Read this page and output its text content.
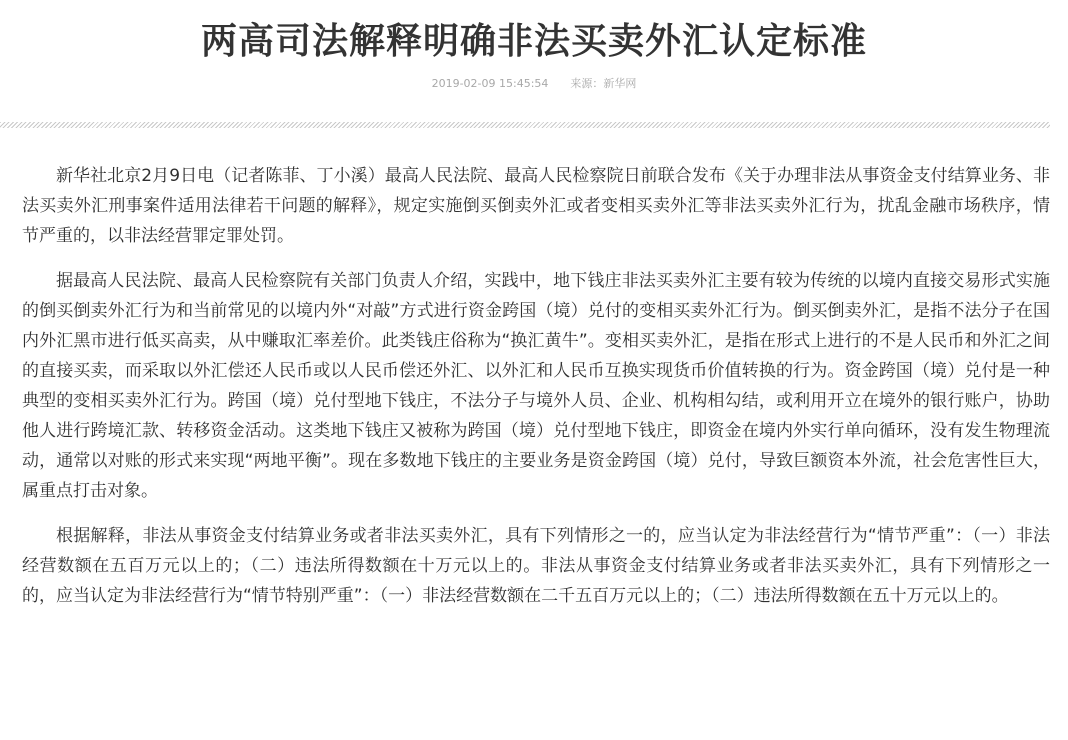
两高司法解释明确非法买卖外汇认定标准
2019-02-09 15:45:54 来源：新华网

新华社北京2月9日电（记者陈菲、丁小溪）最高人民法院、最高人民检察院日前联合发布《关于办理非法从事资金支付结算业务、非法买卖外汇刑事案件适用法律若干问题的解释》，规定实施倒买倒卖外汇或者变相买卖外汇等非法买卖外汇行为，扰乱金融市场秩序，情节严重的，以非法经营罪定罪处罚。

据最高人民法院、最高人民检察院有关部门负责人介绍，实践中，地下钱庄非法买卖外汇主要有较为传统的以境内直接交易形式实施的倒买倒卖外汇行为和当前常见的以境内外“对敲”方式进行资金跨国（境）兑付的变相买卖外汇行为。倒买倒卖外汇，是指不法分子在国内外汇黑市进行低买高卖，从中赚取汇率差价。此类钱庄俗称为“换汇黄牛”。变相买卖外汇，是指在形式上进行的不是人民币和外汇之间的直接买卖，而采取以外汇偿还人民币或以人民币偿还外汇、以外汇和人民币互换实现货币价值转换的行为。资金跨国（境）兑付是一种典型的变相买卖外汇行为。跨国（境）兑付型地下钱庄，不法分子与境外人员、企业、机构相勾结，或利用开立在境外的银行账户，协助他人进行跨境汇款、转移资金活动。这类地下钱庄又被称为跨国（境）兑付型地下钱庄，即资金在境内外实行单向循环，没有发生物理流动，通常以对账的形式来实现“两地平衡”。现在多数地下钱庄的主要业务是资金跨国（境）兑付，导致巨额资本外流，社会危害性巨大，属重点打击对象。

根据解释，非法从事资金支付结算业务或者非法买卖外汇，具有下列情形之一的，应当认定为非法经营行为“情节严重”：（一）非法经营数额在五百万元以上的；（二）违法所得数额在十万元以上的。非法从事资金支付结算业务或者非法买卖外汇，具有下列情形之一的，应当认定为非法经营行为“情节特别严重”：（一）非法经营数额在二千五百万元以上的；（二）违法所得数额在五十万元以上的。
